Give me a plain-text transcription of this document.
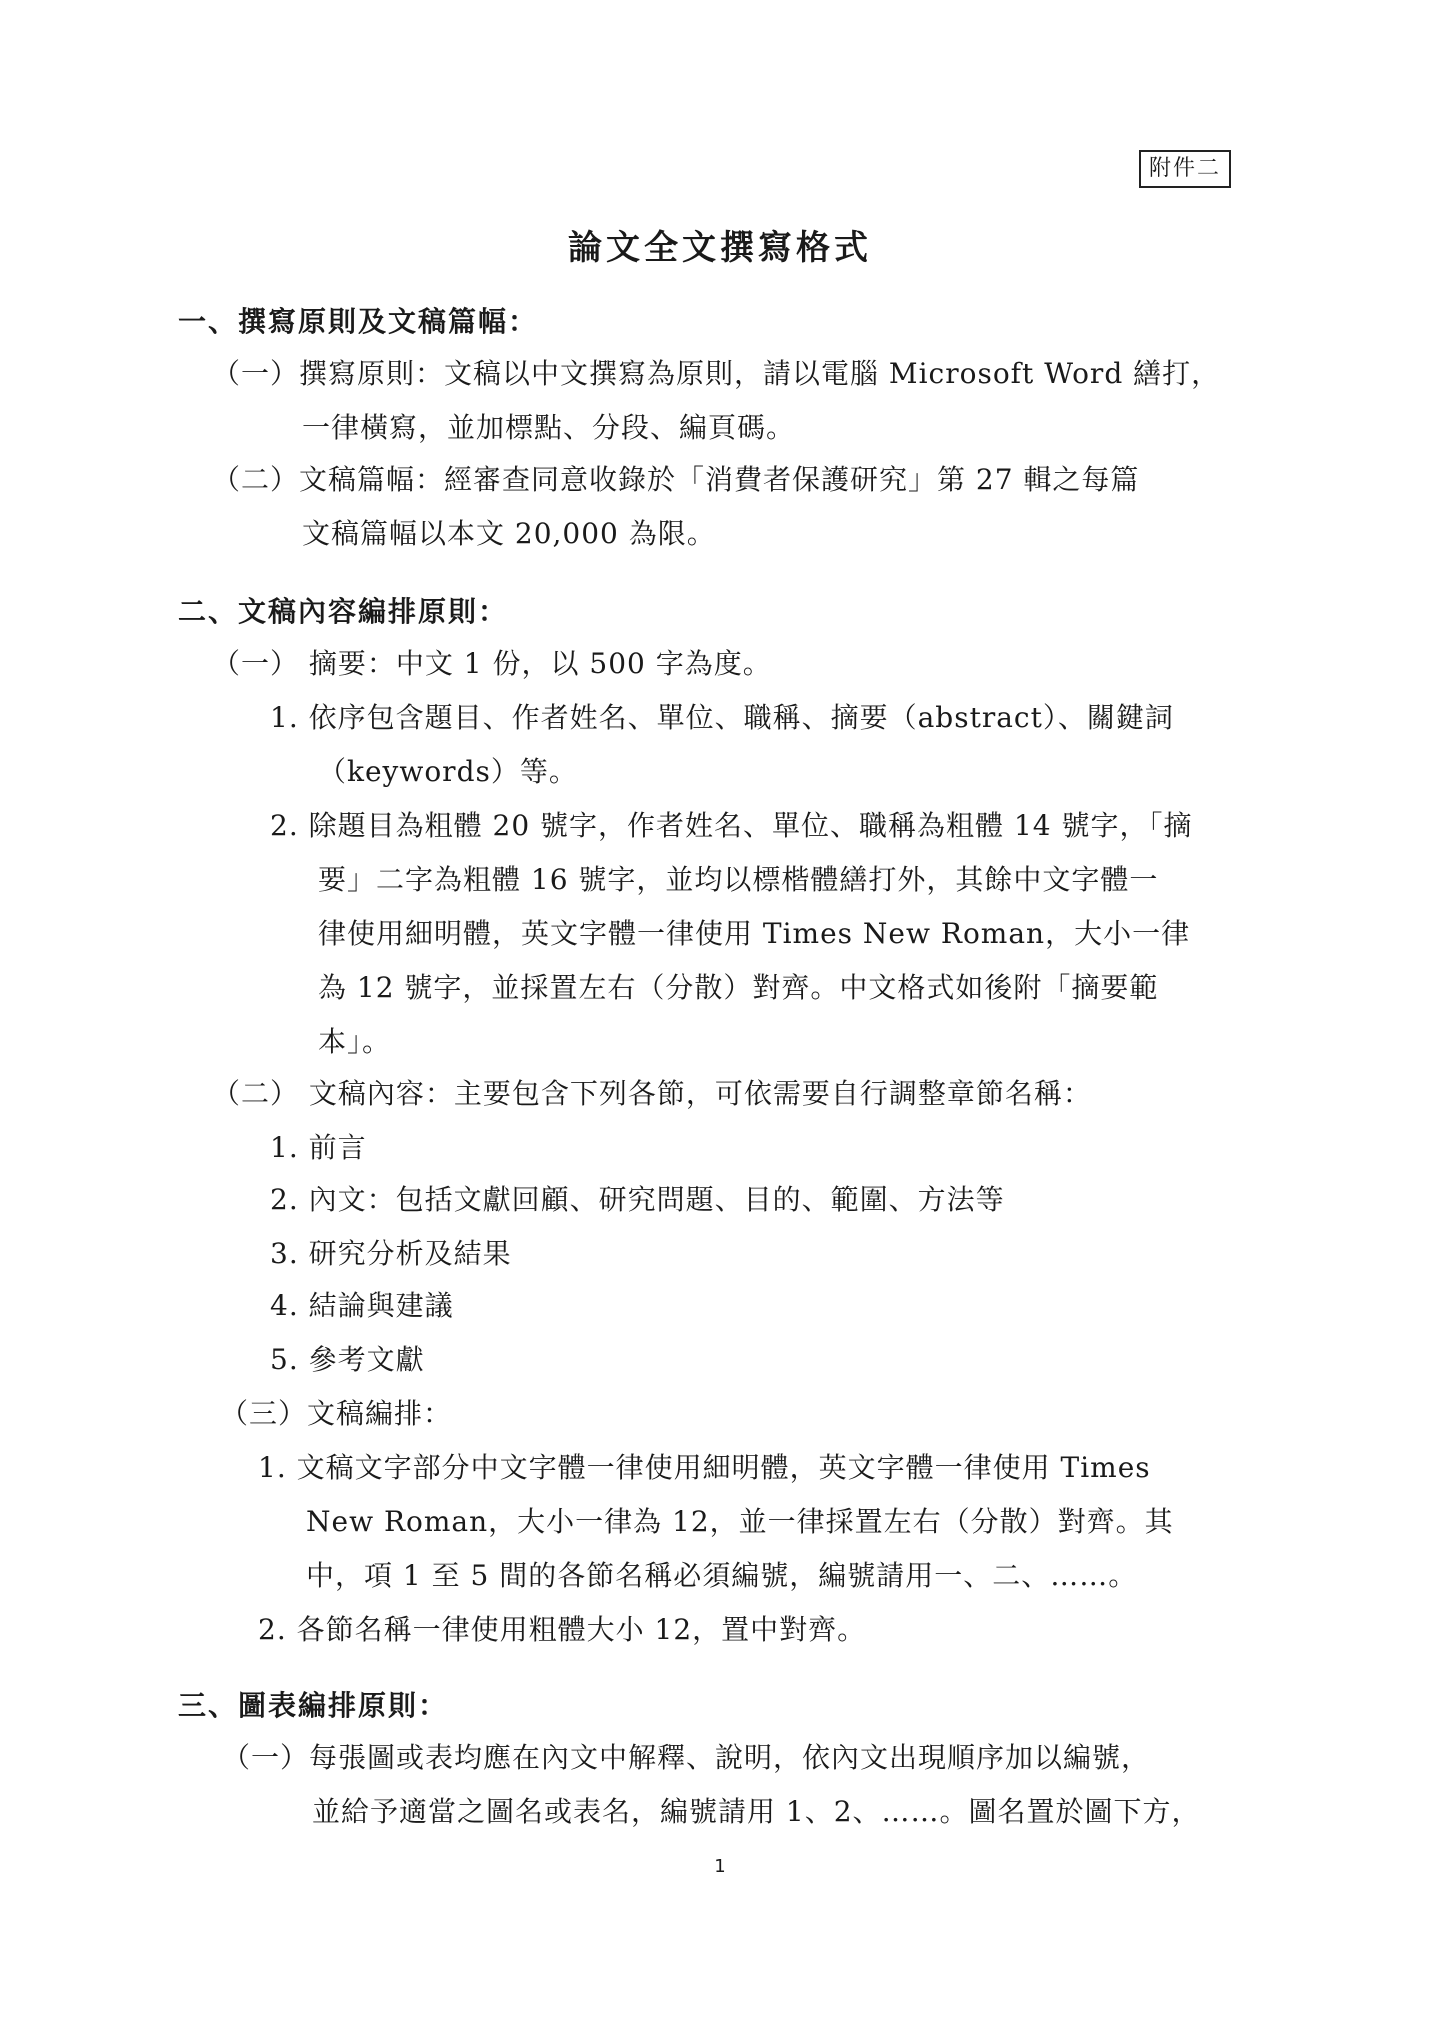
附件二
論文全文撰寫格式
一、撰寫原則及文稿篇幅：
（一）撰寫原則：文稿以中文撰寫為原則，請以電腦 Microsoft Word 繕打，
一律橫寫，並加標點、分段、編頁碼。
（二）文稿篇幅：經審查同意收錄於「消費者保護研究」第 27 輯之每篇
文稿篇幅以本文 20,000 為限。
二、文稿內容編排原則：
（一） 摘要：中文 1 份，以 500 字為度。
1. 依序包含題目、作者姓名、單位、職稱、摘要（abstract）、關鍵詞
（keywords）等。
2. 除題目為粗體 20 號字，作者姓名、單位、職稱為粗體 14 號字，「摘
要」二字為粗體 16 號字，並均以標楷體繕打外，其餘中文字體一
律使用細明體，英文字體一律使用 Times New Roman，大小一律
為 12 號字，並採置左右（分散）對齊。中文格式如後附「摘要範
本」。
（二） 文稿內容：主要包含下列各節，可依需要自行調整章節名稱：
1. 前言
2. 內文：包括文獻回顧、研究問題、目的、範圍、方法等
3. 研究分析及結果
4. 結論與建議
5. 參考文獻
（三）文稿編排：
1. 文稿文字部分中文字體一律使用細明體，英文字體一律使用 Times
New Roman，大小一律為 12，並一律採置左右（分散）對齊。其
中，項 1 至 5 間的各節名稱必須編號，編號請用一、二、……。
2. 各節名稱一律使用粗體大小 12，置中對齊。
三、圖表編排原則：
（一）每張圖或表均應在內文中解釋、說明，依內文出現順序加以編號，
並給予適當之圖名或表名，編號請用 1、2、……。圖名置於圖下方，
1
